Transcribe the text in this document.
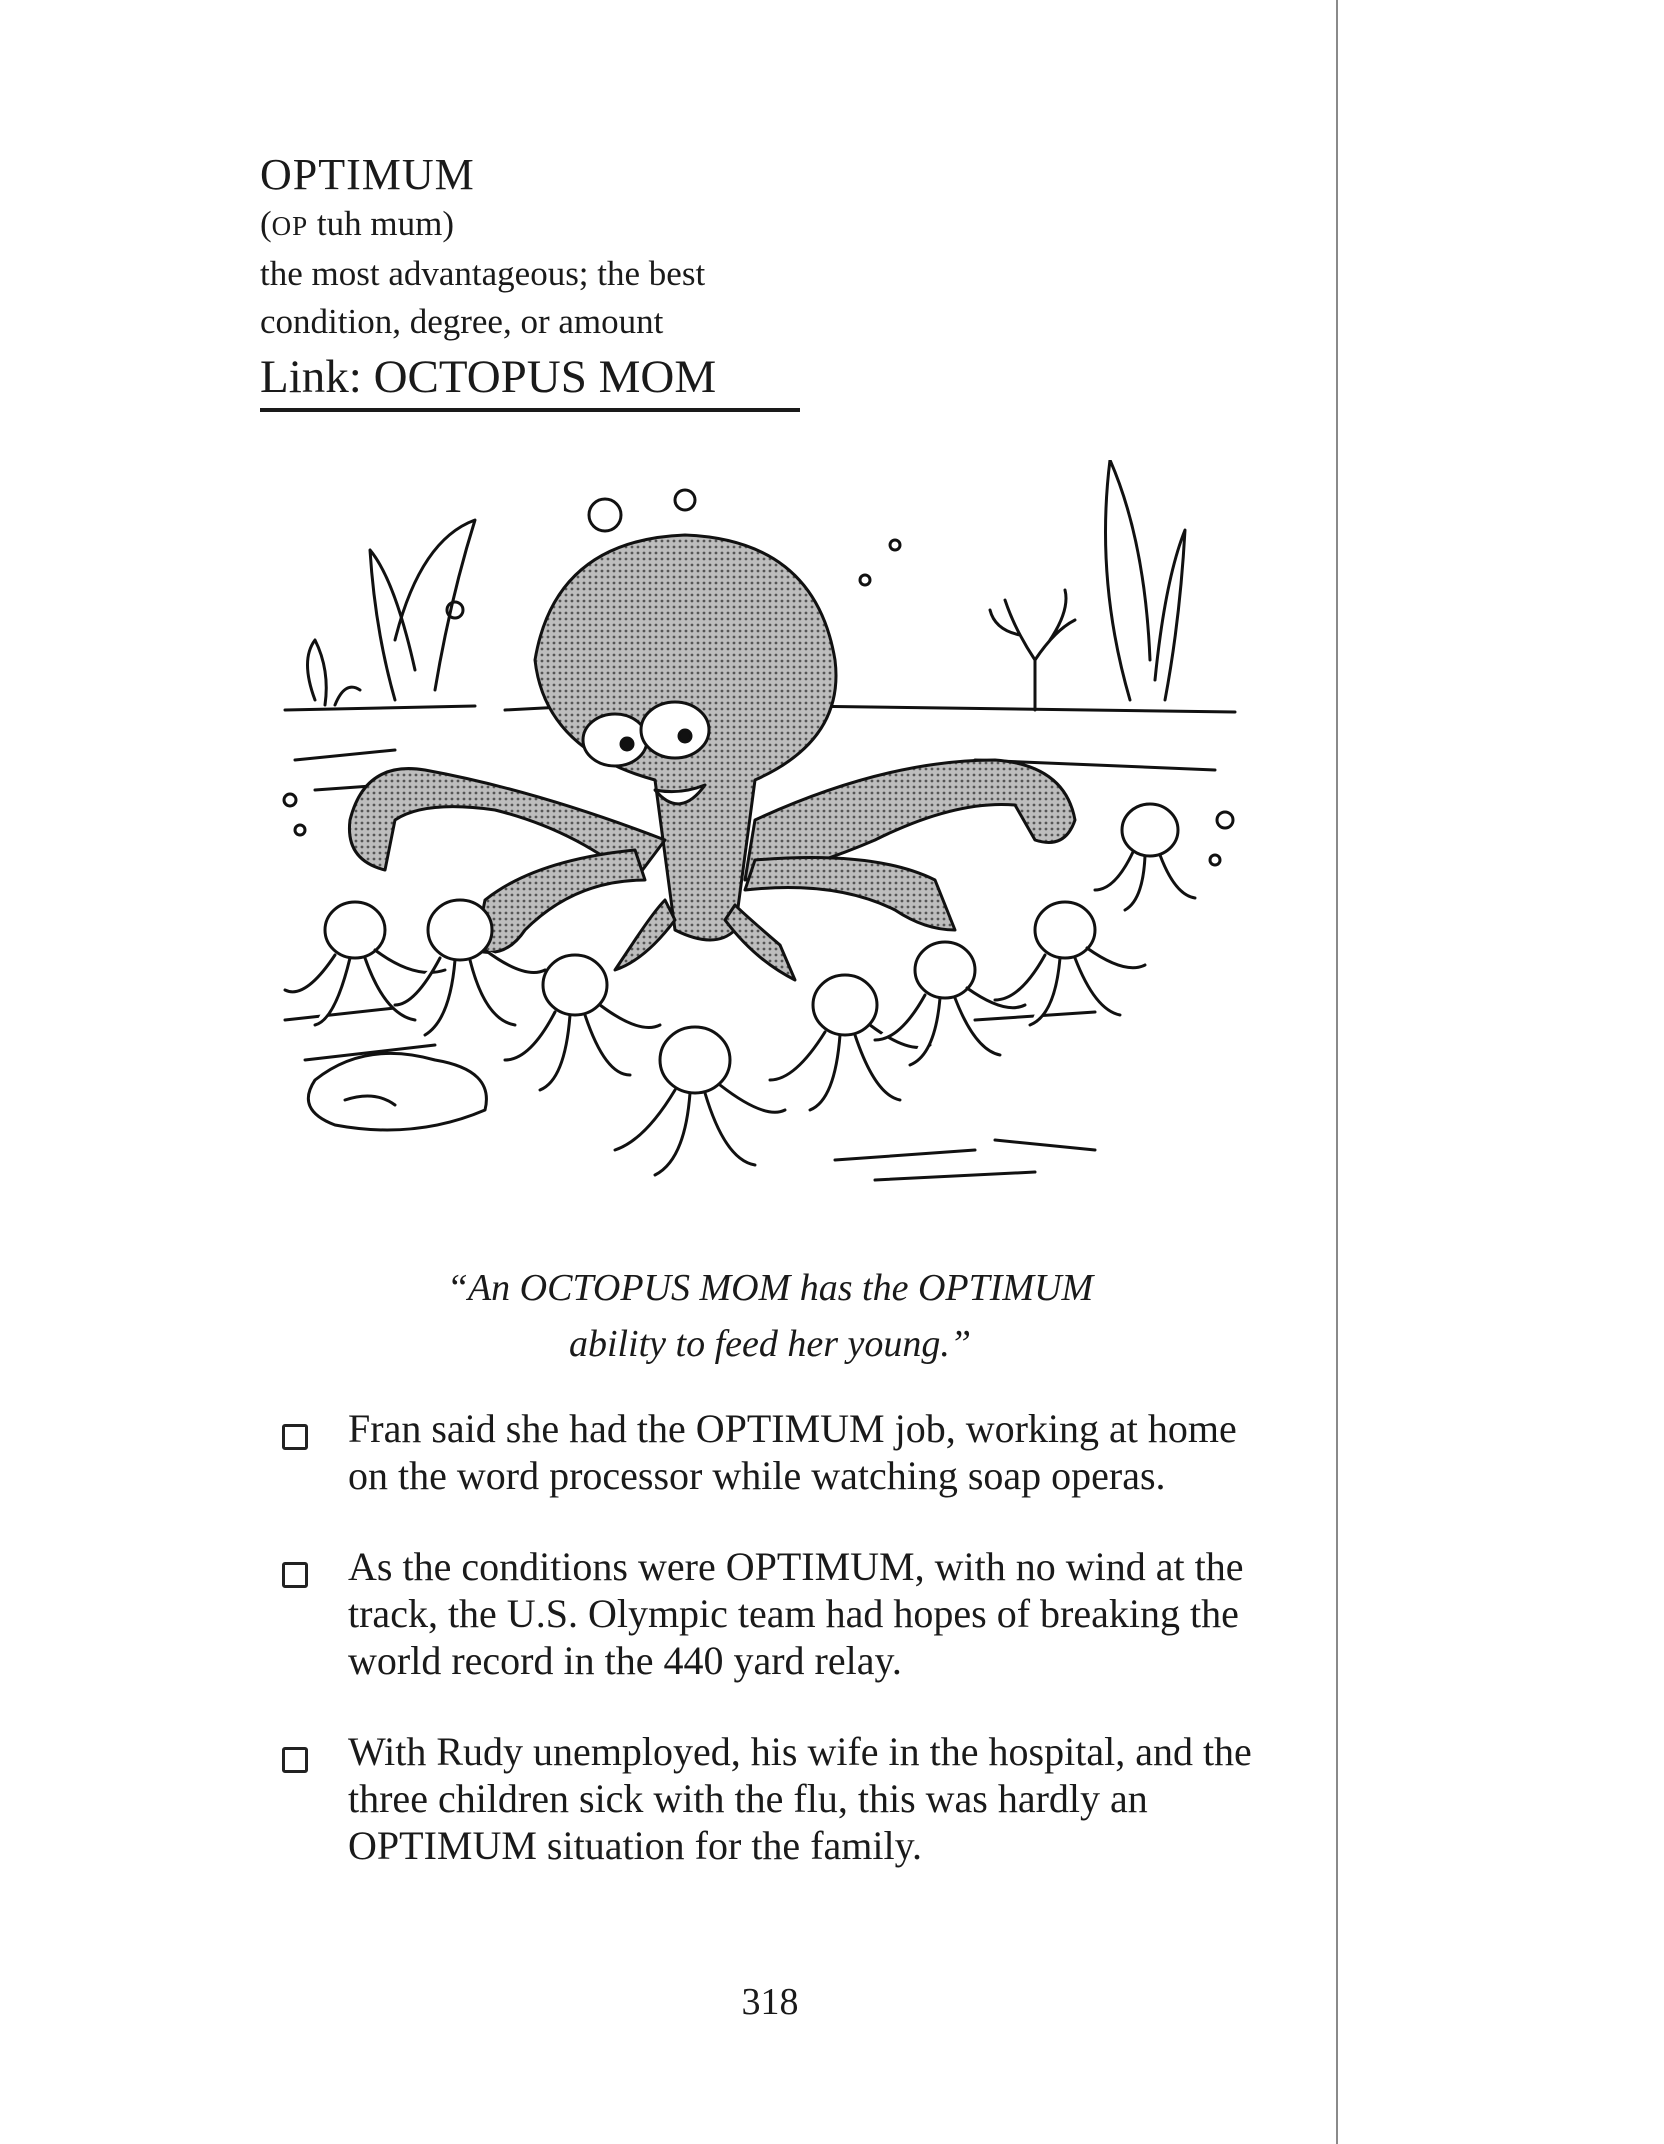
OPTIMUM
(OP tuh mum)
the most advantageous; the best
condition, degree, or amount
Link: OCTOPUS MOM
“An OCTOPUS MOM has the OPTIMUM
ability to feed her young.”
Fran said she had the OPTIMUM job, working at home on the word processor while watching soap operas.
As the conditions were OPTIMUM, with no wind at the track, the U.S. Olympic team had hopes of breaking the world record in the 440 yard relay.
With Rudy unemployed, his wife in the hospital, and the three children sick with the flu, this was hardly an OPTIMUM situation for the family.
318
